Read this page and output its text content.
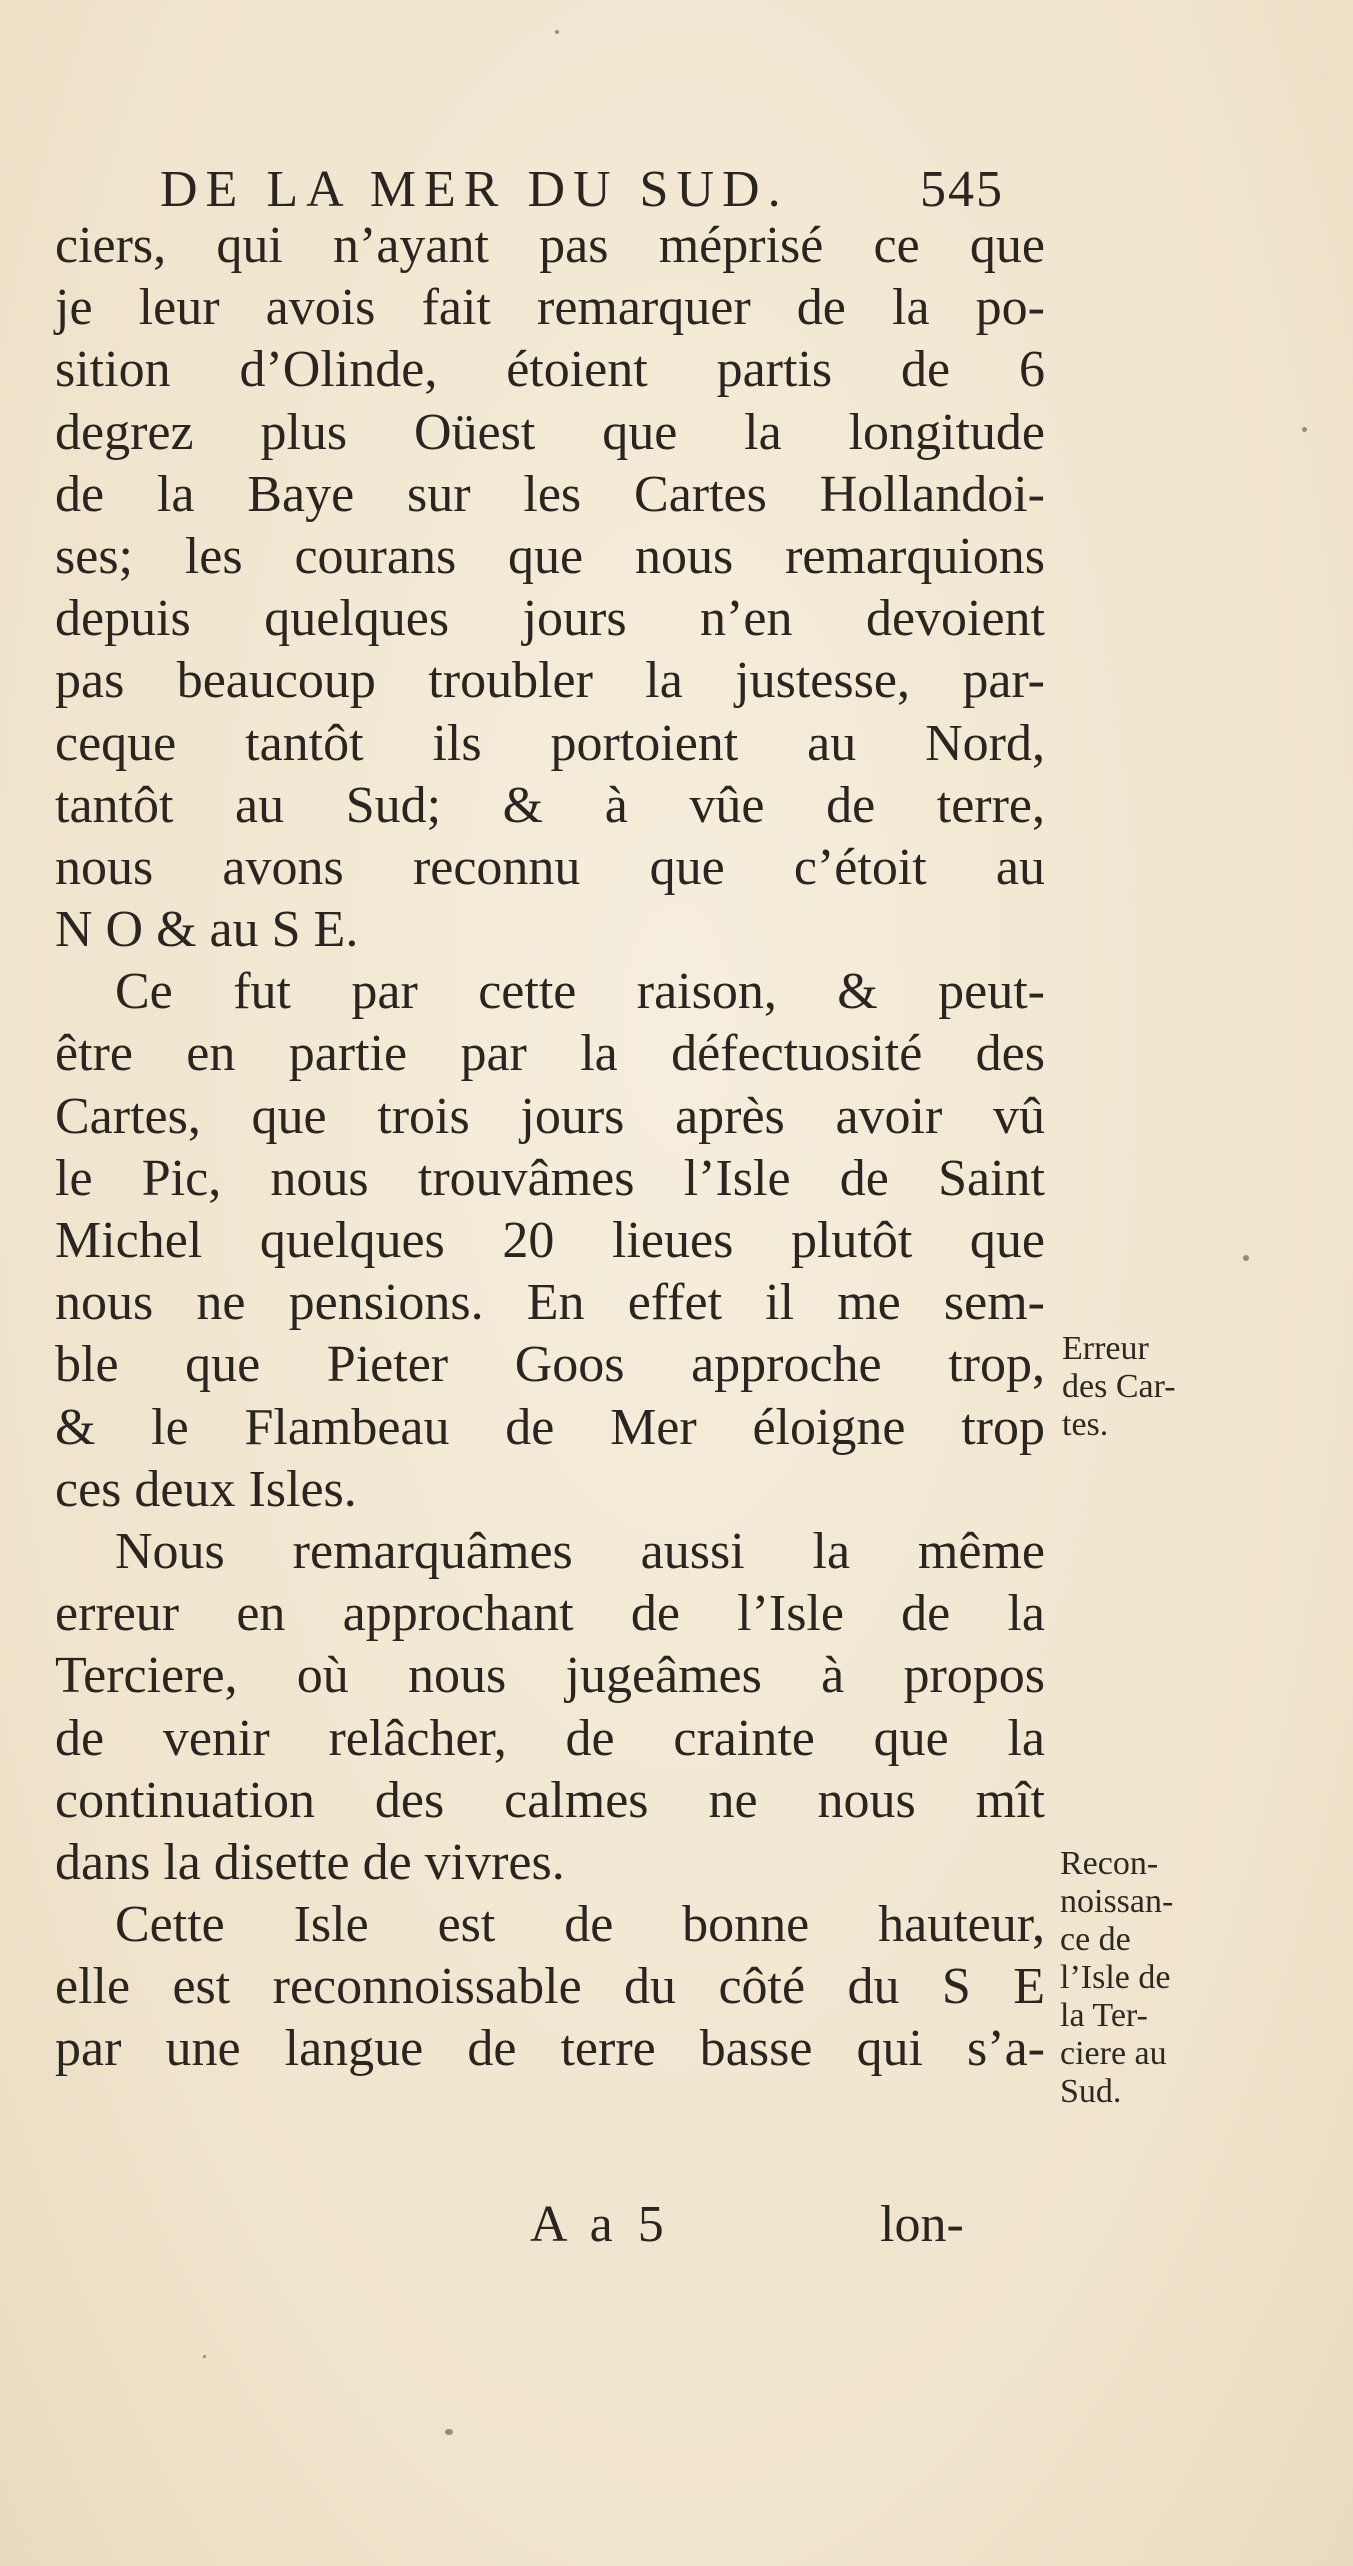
DE LA MER DU SUD.	545
ciers, qui n’ayant pas méprisé ce que
je leur avois fait remarquer de la po-
sition d’Olinde, étoient partis de 6
degrez plus Oüest que la longitude
de la Baye sur les Cartes Hollandoi-
ses; les courans que nous remarquions
depuis quelques jours n’en devoient
pas beaucoup troubler la justesse, par-
ceque tantôt ils portoient au Nord,
tantôt au Sud; & à vûe de terre,
nous avons reconnu que c’étoit au
N O & au S E.
Ce fut par cette raison, & peut-
être en partie par la défectuosité des
Cartes, que trois jours après avoir vû
le Pic, nous trouvâmes l’Isle de Saint
Michel quelques 20 lieues plutôt que
nous ne pensions. En effet il me sem-
ble que Pieter Goos approche trop,
& le Flambeau de Mer éloigne trop
ces deux Isles.
Nous remarquâmes aussi la même
erreur en approchant de l’Isle de la
Terciere, où nous jugeâmes à propos
de venir relâcher, de crainte que la
continuation des calmes ne nous mît
dans la disette de vivres.
Cette Isle est de bonne hauteur,
elle est reconnoissable du côté du S E
par une langue de terre basse qui s’a-
Erreur
des Car-
tes.
Recon-
noissan-
ce de
l’Isle de
la Ter-
ciere au
Sud.
A a 5	lon-
